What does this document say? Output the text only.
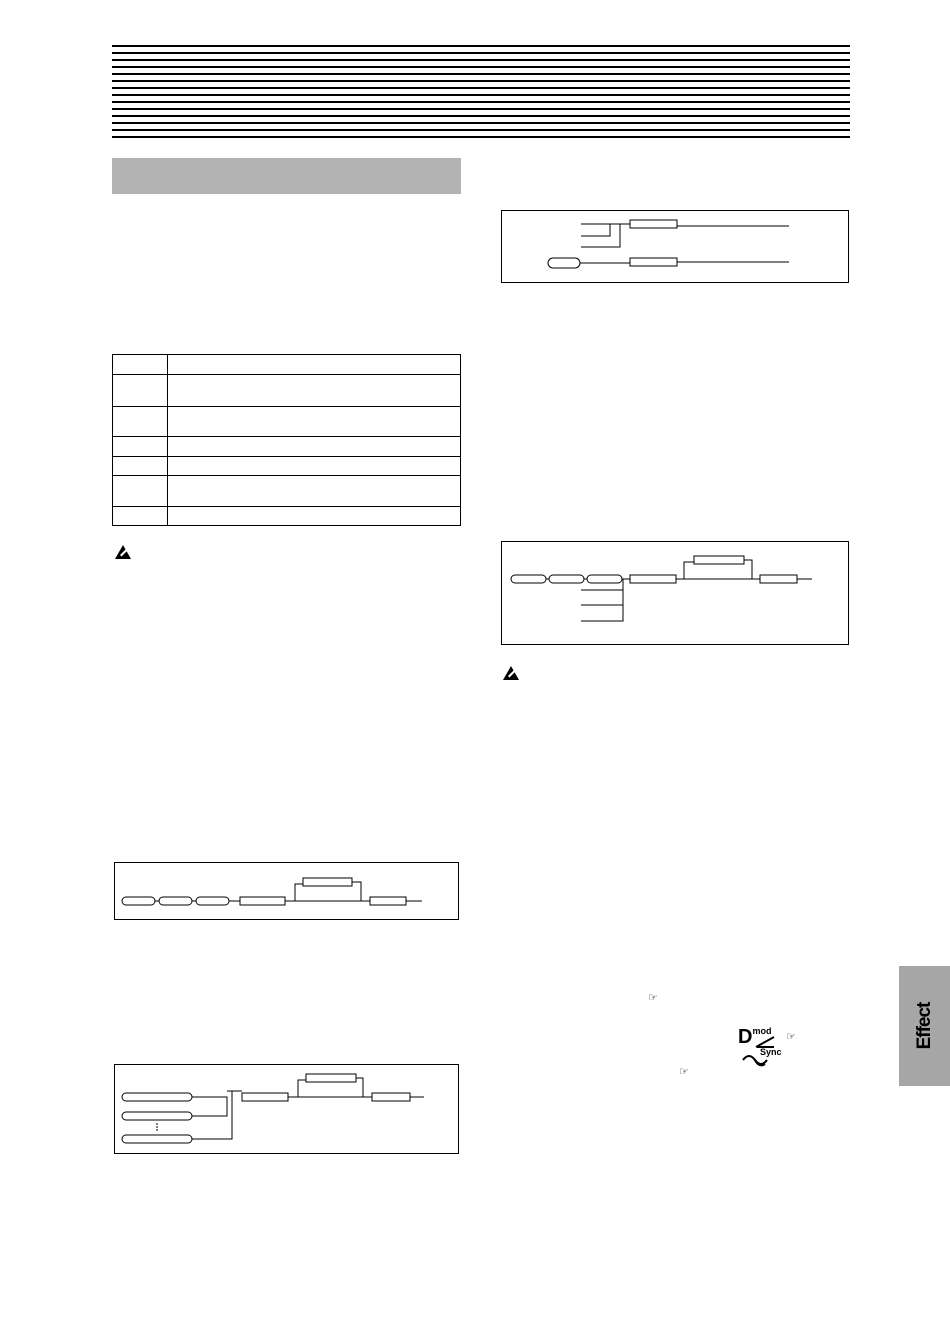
☞
$D^{mod}$ ☞
Sync
☞
Effect
